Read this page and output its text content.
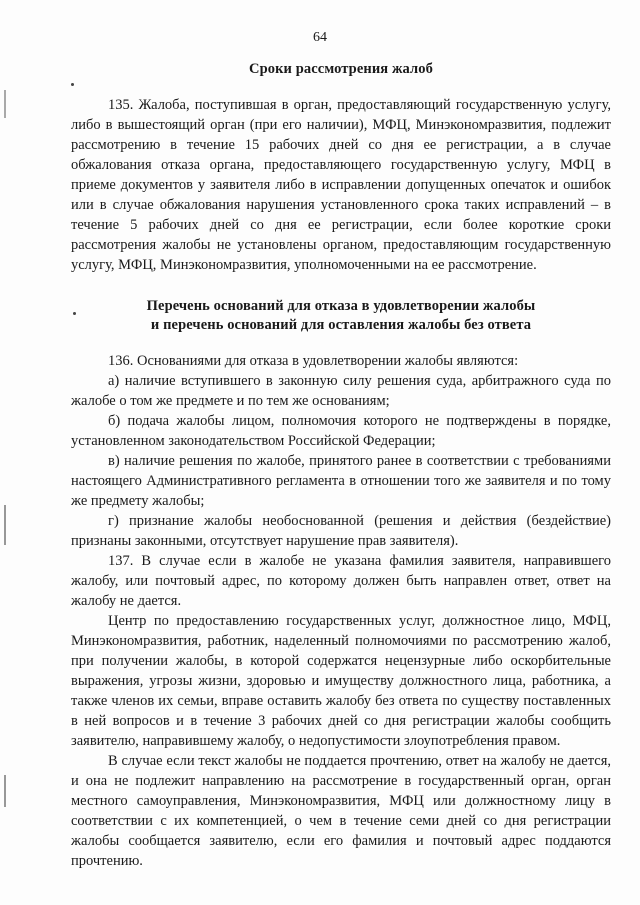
64
Сроки рассмотрения жалоб

135. Жалоба, поступившая в орган, предоставляющий государственную услугу, либо в вышестоящий орган (при его наличии), МФЦ, Минэкономразвития, подлежит рассмотрению в течение 15 рабочих дней со дня ее регистрации, а в случае обжалования отказа органа, предоставляющего государственную услугу, МФЦ в приеме документов у заявителя либо в исправлении допущенных опечаток и ошибок или в случае обжалования нарушения установленного срока таких исправлений – в течение 5 рабочих дней со дня ее регистрации, если более короткие сроки рассмотрения жалобы не установлены органом, предоставляющим государственную услугу, МФЦ, Минэкономразвития, уполномоченными на ее рассмотрение.

Перечень оснований для отказа в удовлетворении жалобы
и перечень оснований для оставления жалобы без ответа

136. Основаниями для отказа в удовлетворении жалобы являются:

а) наличие вступившего в законную силу решения суда, арбитражного суда по жалобе о том же предмете и по тем же основаниям;

б) подача жалобы лицом, полномочия которого не подтверждены в порядке, установленном законодательством Российской Федерации;

в) наличие решения по жалобе, принятого ранее в соответствии с требованиями настоящего Административного регламента в отношении того же заявителя и по тому же предмету жалобы;

г) признание жалобы необоснованной (решения и действия (бездействие) признаны законными, отсутствует нарушение прав заявителя).

137. В случае если в жалобе не указана фамилия заявителя, направившего жалобу, или почтовый адрес, по которому должен быть направлен ответ, ответ на жалобу не дается.

Центр по предоставлению государственных услуг, должностное лицо, МФЦ, Минэкономразвития, работник, наделенный полномочиями по рассмотрению жалоб, при получении жалобы, в которой содержатся нецензурные либо оскорбительные выражения, угрозы жизни, здоровью и имуществу должностного лица, работника, а также членов их семьи, вправе оставить жалобу без ответа по существу поставленных в ней вопросов и в течение 3 рабочих дней со дня регистрации жалобы сообщить заявителю, направившему жалобу, о недопустимости злоупотребления правом.

В случае если текст жалобы не поддается прочтению, ответ на жалобу не дается, и она не подлежит направлению на рассмотрение в государственный орган, орган местного самоуправления, Минэкономразвития, МФЦ или должностному лицу в соответствии с их компетенцией, о чем в течение семи дней со дня регистрации жалобы сообщается заявителю, если его фамилия и почтовый адрес поддаются прочтению.
